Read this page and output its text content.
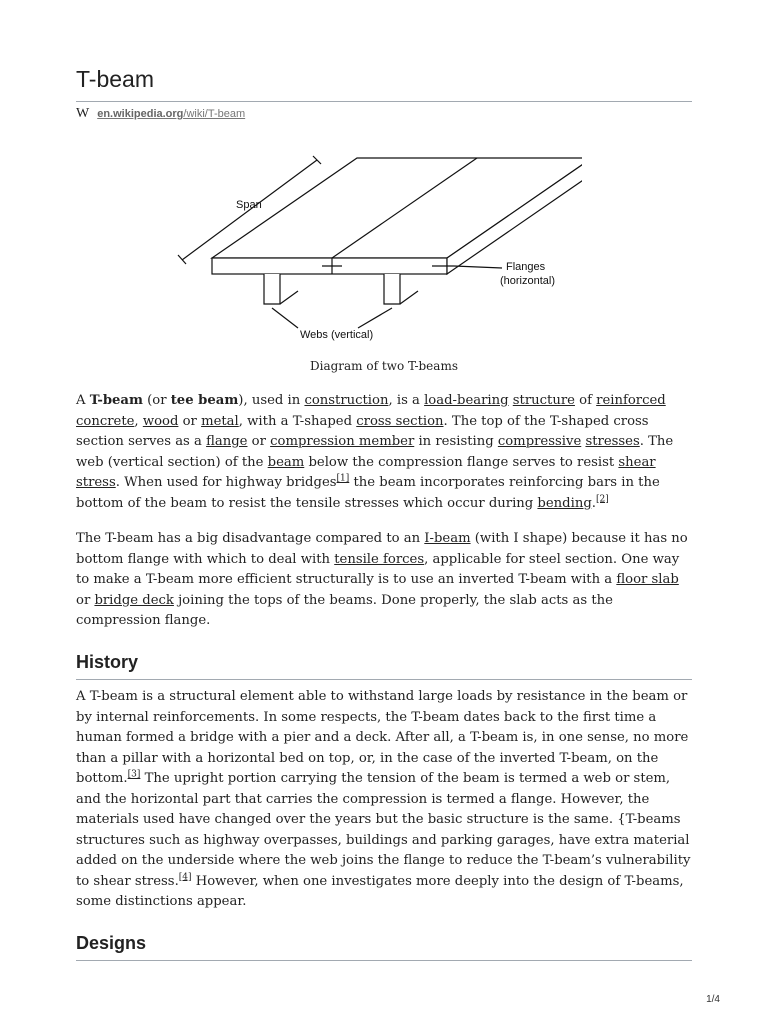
T-beam
W en.wikipedia.org/wiki/T-beam
Span
Flanges
(horizontal)
Webs (vertical)
Diagram of two T-beams

A T-beam (or tee beam), used in construction, is a load-bearing structure of reinforced concrete, wood or metal, with a T-shaped cross section. The top of the T-shaped cross section serves as a flange or compression member in resisting compressive stresses. The web (vertical section) of the beam below the compression flange serves to resist shear stress. When used for highway bridges[1] the beam incorporates reinforcing bars in the bottom of the beam to resist the tensile stresses which occur during bending.[2]

The T-beam has a big disadvantage compared to an I-beam (with I shape) because it has no bottom flange with which to deal with tensile forces, applicable for steel section. One way to make a T-beam more efficient structurally is to use an inverted T-beam with a floor slab or bridge deck joining the tops of the beams. Done properly, the slab acts as the compression flange.

History

A T-beam is a structural element able to withstand large loads by resistance in the beam or by internal reinforcements. In some respects, the T-beam dates back to the first time a human formed a bridge with a pier and a deck. After all, a T-beam is, in one sense, no more than a pillar with a horizontal bed on top, or, in the case of the inverted T-beam, on the bottom.[3] The upright portion carrying the tension of the beam is termed a web or stem, and the horizontal part that carries the compression is termed a flange. However, the materials used have changed over the years but the basic structure is the same. {T-beams structures such as highway overpasses, buildings and parking garages, have extra material added on the underside where the web joins the flange to reduce the T-beam’s vulnerability to shear stress.[4] However, when one investigates more deeply into the design of T-beams, some distinctions appear.

Designs
1/4
